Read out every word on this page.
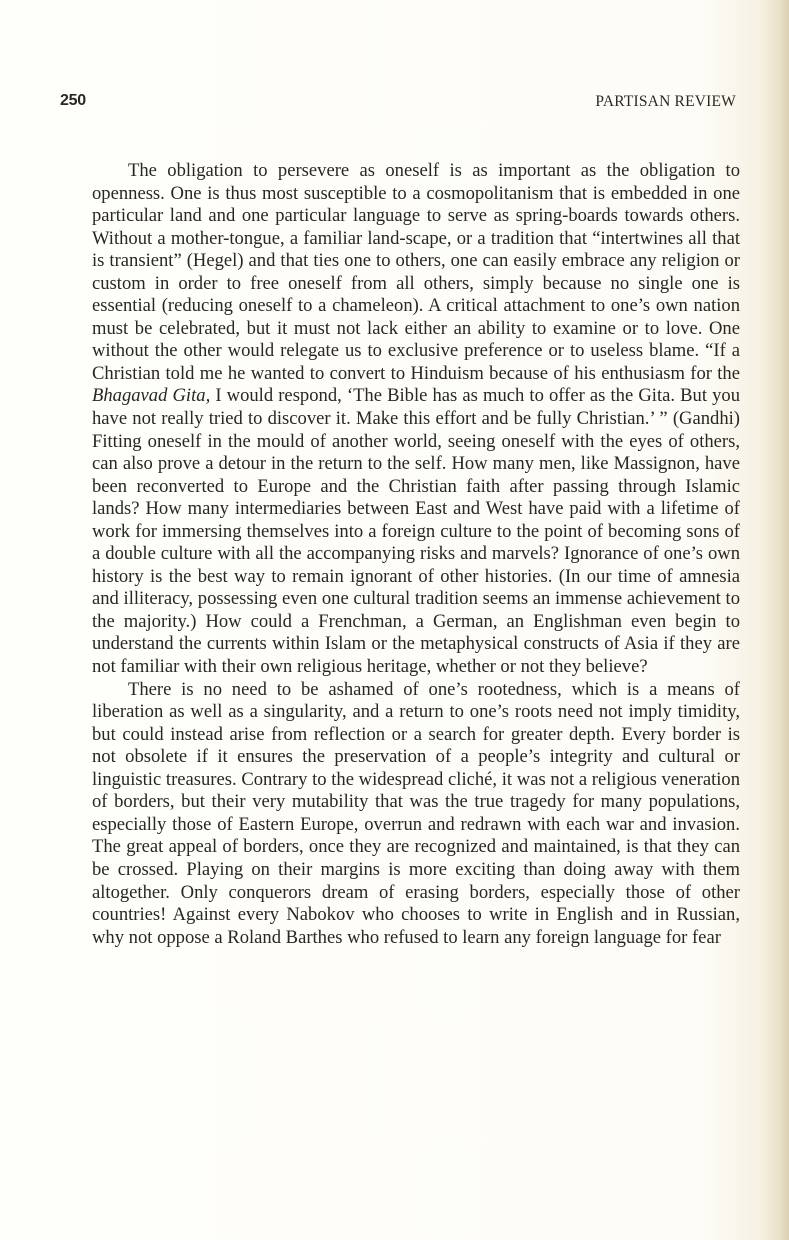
250	PARTISAN REVIEW

The obligation to persevere as oneself is as important as the obligation to openness. One is thus most susceptible to a cosmopolitanism that is embedded in one particular land and one particular language to serve as spring-boards towards others. Without a mother-tongue, a familiar land-scape, or a tradition that “intertwines all that is transient” (Hegel) and that ties one to others, one can easily embrace any religion or custom in order to free oneself from all others, simply because no single one is essential (reducing oneself to a chameleon). A critical attachment to one’s own nation must be celebrated, but it must not lack either an ability to examine or to love. One without the other would relegate us to exclusive preference or to useless blame. “If a Christian told me he wanted to convert to Hinduism because of his enthusiasm for the Bhagavad Gita, I would respond, ‘The Bible has as much to offer as the Gita. But you have not really tried to discover it. Make this effort and be fully Christian.’ ” (Gandhi) Fitting oneself in the mould of another world, seeing oneself with the eyes of others, can also prove a detour in the return to the self. How many men, like Massignon, have been reconverted to Europe and the Christian faith after passing through Islamic lands? How many intermediaries between East and West have paid with a lifetime of work for immersing themselves into a foreign culture to the point of becoming sons of a double culture with all the accompanying risks and marvels? Ignorance of one’s own history is the best way to remain ignorant of other histories. (In our time of amnesia and illiteracy, possessing even one cultural tradition seems an immense achievement to the majority.) How could a Frenchman, a German, an Englishman even begin to understand the currents within Islam or the metaphysical constructs of Asia if they are not familiar with their own religious heritage, whether or not they believe?

There is no need to be ashamed of one’s rootedness, which is a means of liberation as well as a singularity, and a return to one’s roots need not imply timidity, but could instead arise from reflection or a search for greater depth. Every border is not obsolete if it ensures the preservation of a people’s integrity and cultural or linguistic treasures. Contrary to the widespread cliché, it was not a religious veneration of borders, but their very mutability that was the true tragedy for many populations, especially those of Eastern Europe, overrun and redrawn with each war and invasion. The great appeal of borders, once they are recognized and maintained, is that they can be crossed. Playing on their margins is more exciting than doing away with them altogether. Only conquerors dream of erasing borders, especially those of other countries! Against every Nabokov who chooses to write in English and in Russian, why not oppose a Roland Barthes who refused to learn any foreign language for fear
